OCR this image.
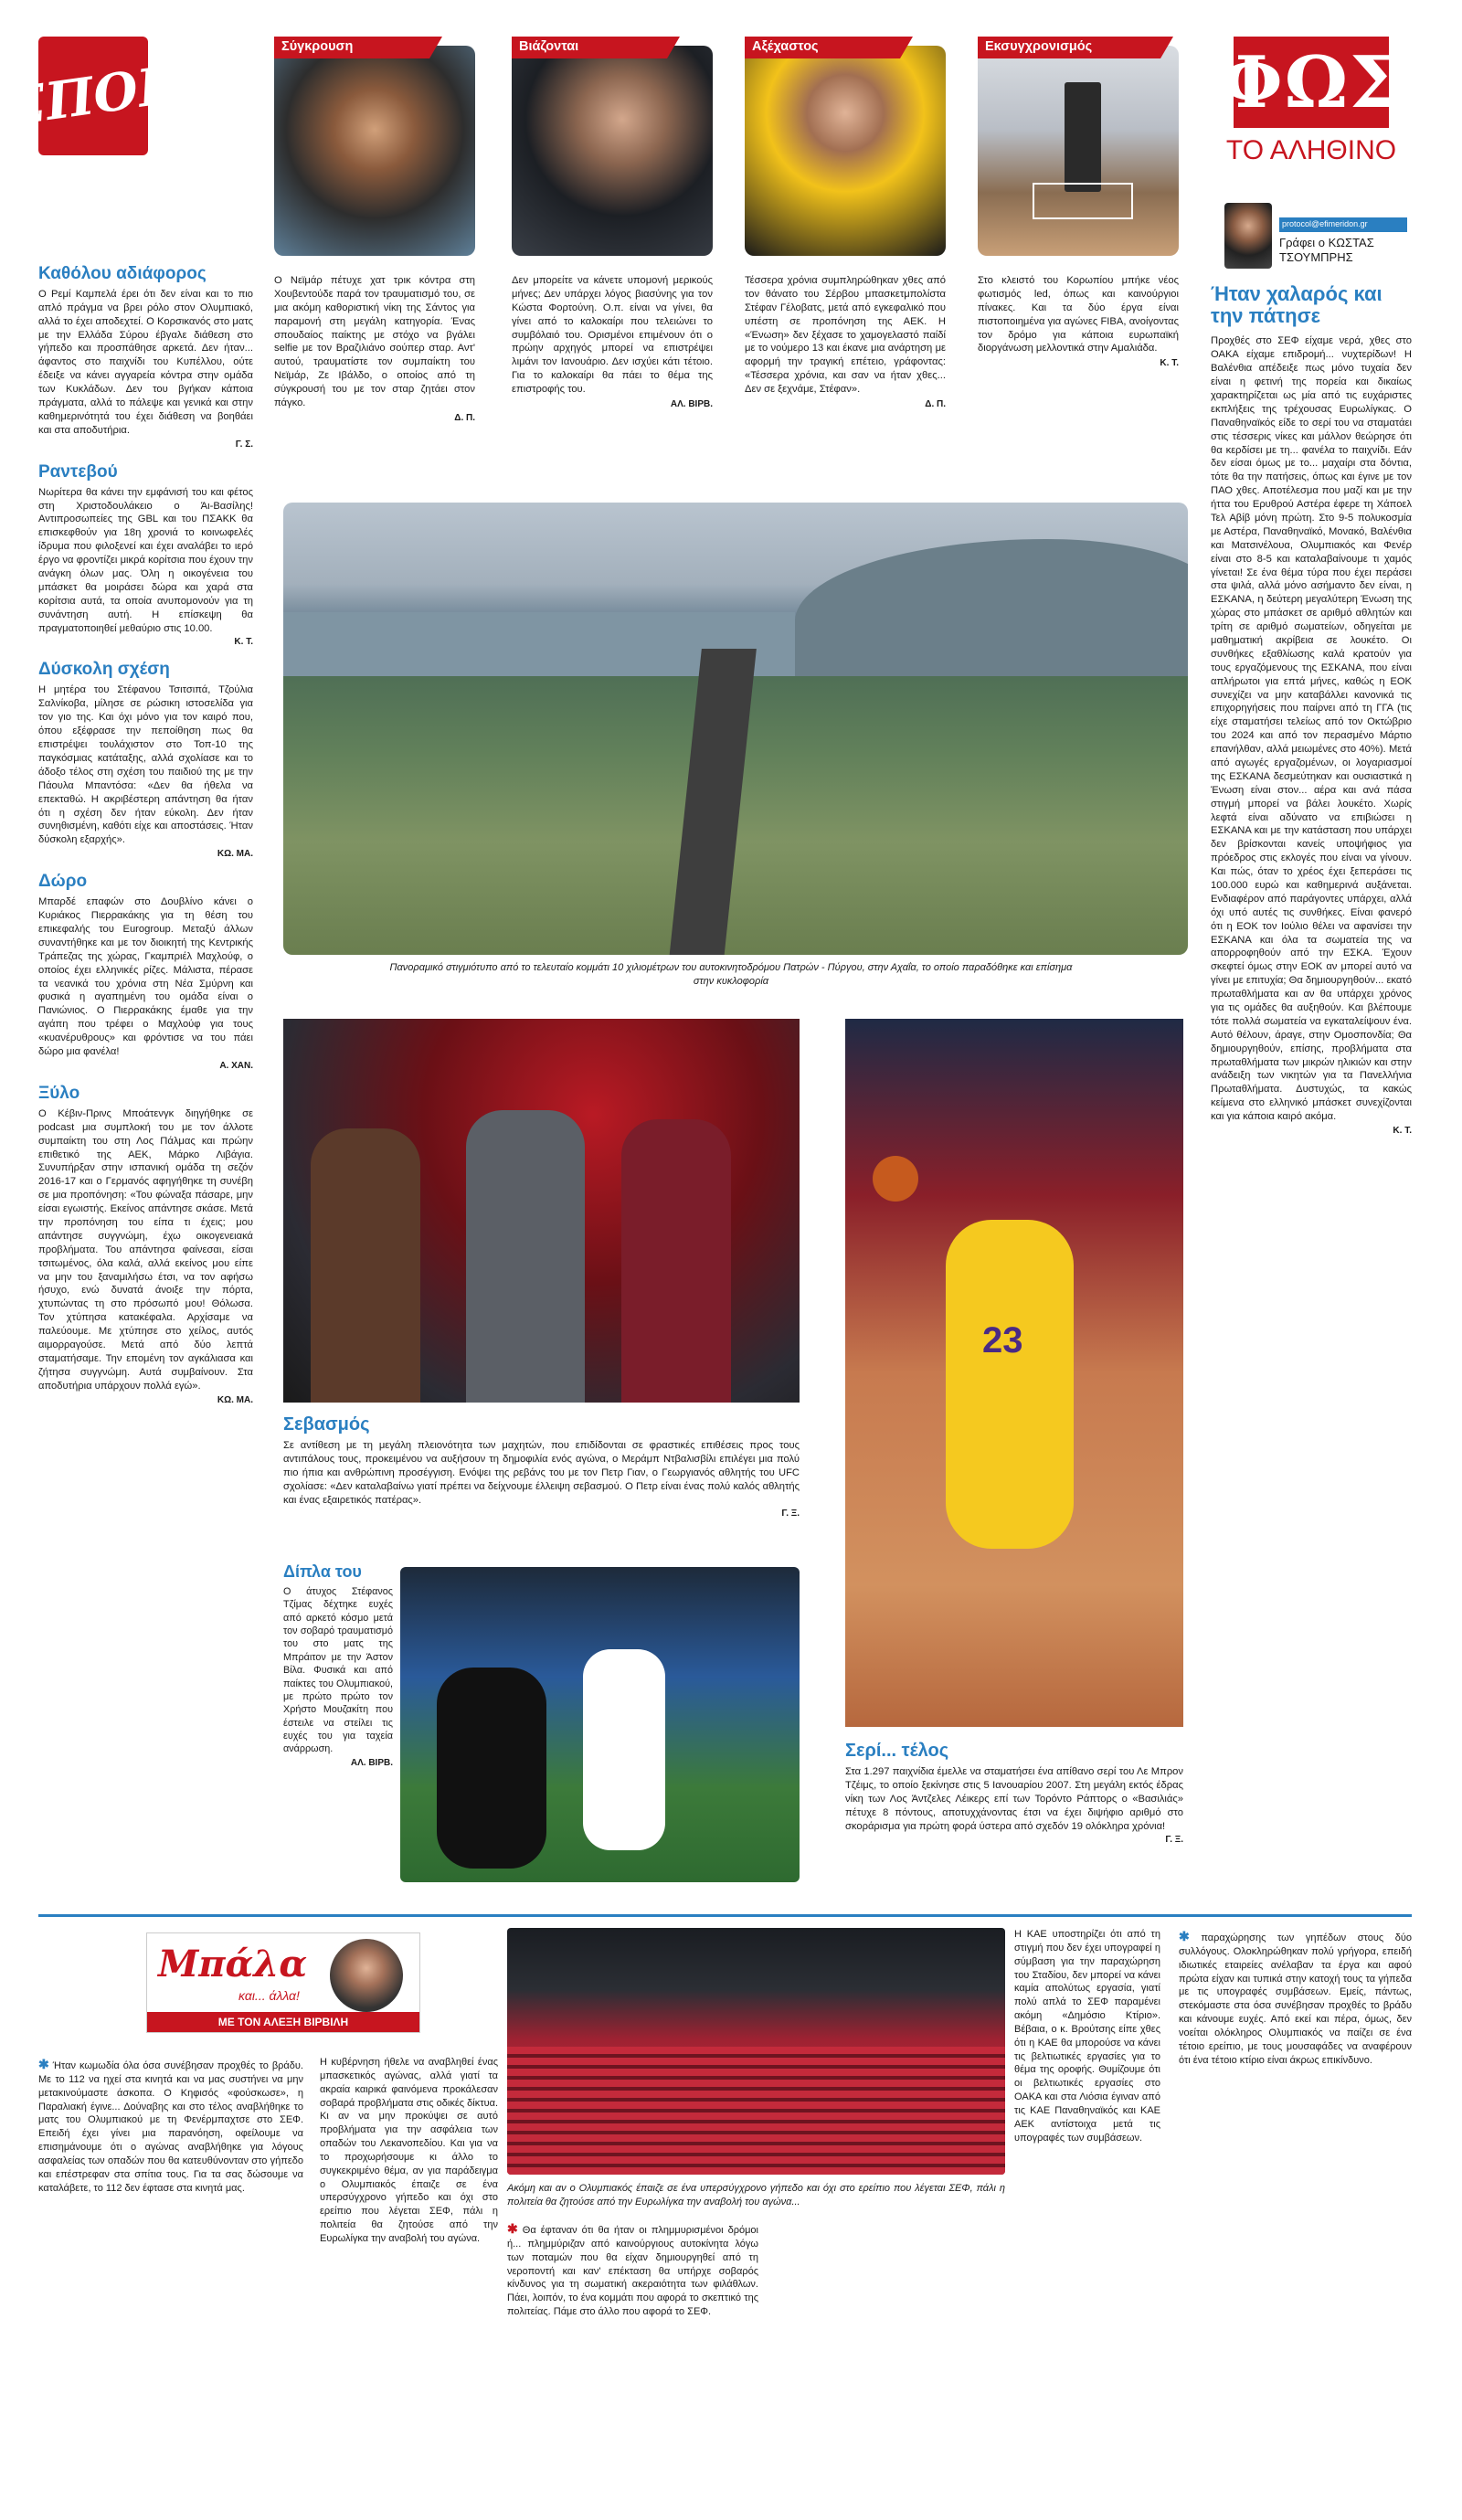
ΣΠΟΡ
Σύγκρουση	Βιάζονται	Αξέχαστος	Εκσυγχρονισμός	ΦΩΣ
ΤΟ ΑΛΗΘΙΝΟ
protocol@efimeridon.gr
Γράφει ο ΚΩΣΤΑΣ ΤΣΟΥΜΠΡΗΣ

Ο Νεϊμάρ πέτυχε χατ τρικ κόντρα στη Χουβεντούδε παρά τον τραυματισμό του, σε μια ακόμη καθοριστική νίκη της Σάντος για παραμονή στη μεγάλη κατηγορία. Ένας σπουδαίος παίκτης με στόχο να βγάλει selfie με τον Βραζιλιάνο σούπερ σταρ. Αντ' αυτού, τραυματίστε τον συμπαίκτη του Νεϊμάρ, Ζε Ιβάλδο, ο οποίος από τη σύγκρουσή του με τον σταρ ζητάει στον πάγκο.

Δ. Π.

Δεν μπορείτε να κάνετε υπομονή μερικούς μήνες; Δεν υπάρχει λόγος βιασύνης για τον Κώστα Φορτούνη. Ο.π. είναι να γίνει, θα γίνει από το καλοκαίρι που τελειώνει το συμβόλαιό του. Ορισμένοι επιμένουν ότι ο πρώην αρχηγός μπορεί να επιστρέψει λιμάνι τον Ιανουάριο. Δεν ισχύει κάτι τέτοιο. Για το καλοκαίρι θα πάει το θέμα της επιστροφής του.

ΑΛ. ΒΙΡΒ.

Τέσσερα χρόνια συμπληρώθηκαν χθες από τον θάνατο του Σέρβου μπασκετμπολίστα Στέφαν Γέλοβατς, μετά από εγκεφαλικό που υπέστη σε προπόνηση της ΑΕΚ. Η «Ένωση» δεν ξέχασε το χαμογελαστό παίδί με το νούμερο 13 και έκανε μια ανάρτηση με αφορμή την τραγική επέτειο, γράφοντας: «Τέσσερα χρόνια, και σαν να ήταν χθες... Δεν σε ξεχνάμε, Στέφαν».

Δ. Π.

Στο κλειστό του Κορωπίου μπήκε νέος φωτισμός led, όπως και καινούργιοι πίνακες. Και τα δύο έργα είναι πιστοποιημένα για αγώνες FIBA, ανοίγοντας τον δρόμο για κάποια ευρωπαϊκή διοργάνωση μελλοντικά στην Αμαλιάδα.

Κ. Τ.

Καθόλου αδιάφορος

Ο Ρεμί Καμπελά έρει ότι δεν είναι και το πιο απλό πράγμα να βρει ρόλο στον Ολυμπιακό, αλλά το έχει αποδεχτεί. Ο Κορσικανός στο ματς με την Ελλάδα Σύρου έβγαλε διάθεση στο γήπεδο και προσπάθησε αρκετά. Δεν ήταν... άφαντος στο παιχνίδι του Κυπέλλου, ούτε έδειξε να κάνει αγγαρεία κόντρα στην ομάδα των Κυκλάδων. Δεν του βγήκαν κάποια πράγματα, αλλά το πάλεψε και γενικά και στην καθημερινότητά του έχει διάθεση να βοηθάει και στα αποδυτήρια.

Γ. Σ.

Ραντεβού

Νωρίτερα θα κάνει την εμφάνισή του και φέτος στη Χριστοδουλάκειο ο Άι-Βασίλης! Αντιπροσωπείες της GBL και του ΠΣΑΚΚ θα επισκεφθούν για 18η χρονιά το κοινωφελές ίδρυμα που φιλοξενεί και έχει αναλάβει το ιερό έργο να φροντίζει μικρά κορίτσια που έχουν την ανάγκη όλων μας. Όλη η οικογένεια του μπάσκετ θα μοιράσει δώρα και χαρά στα κορίτσια αυτά, τα οποία ανυπομονούν για τη συνάντηση αυτή. Η επίσκεψη θα πραγματοποιηθεί μεθαύριο στις 10.00.

Κ. Τ.

Δύσκολη σχέση

Η μητέρα του Στέφανου Τσιτσιπά, Τζούλια Σαλνίκοβα, μίλησε σε ρώσικη ιστοσελίδα για τον γιο της. Και όχι μόνο για τον καιρό που, όπου εξέφρασε την πεποίθηση πως θα επιστρέψει τουλάχιστον στο Τοπ-10 της παγκόσμιας κατάταξης, αλλά σχολίασε και το άδοξο τέλος στη σχέση του παιδιού της με την Πάουλα Μπαντόσα: «Δεν θα ήθελα να επεκταθώ. Η ακριβέστερη απάντηση θα ήταν ότι η σχέση δεν ήταν εύκολη. Δεν ήταν συνηθισμένη, καθότι είχε και αποστάσεις. Ήταν δύσκολη εξαρχής».

ΚΩ. ΜΑ.

Δώρο

Μπαρδέ επαφών στο Δουβλίνο κάνει ο Κυριάκος Πιερρακάκης για τη θέση του επικεφαλής του Eurogroup. Μεταξύ άλλων συναντήθηκε και με τον διοικητή της Κεντρικής Τράπεζας της χώρας, Γκαμπριέλ Μαχλούφ, ο οποίος έχει ελληνικές ρίζες. Μάλιστα, πέρασε τα νεανικά του χρόνια στη Νέα Σμύρνη και φυσικά η αγαπημένη του ομάδα είναι ο Πανιώνιος. Ο Πιερρακάκης έμαθε για την αγάπη που τρέφει ο Μαχλούφ για τους «κυανέρυθρους» και φρόντισε να του πάει δώρο μια φανέλα!

Α. ΧΑΝ.

Ξύλο

Ο Κέβιν-Πρινς Μποάτενγκ διηγήθηκε σε podcast μια συμπλοκή του με τον άλλοτε συμπαίκτη του στη Λος Πάλμας και πρώην επιθετικό της ΑΕΚ, Μάρκο Λιβάγια. Συνυπήρξαν στην ισπανική ομάδα τη σεζόν 2016-17 και ο Γερμανός αφηγήθηκε τη συνέβη σε μια προπόνηση: «Του φώναξα πάσαρε, μην είσαι εγωιστής. Εκείνος απάντησε σκάσε. Μετά την προπόνηση του είπα τι έχεις; μου απάντησε συγγνώμη, έχω οικογενειακά προβλήματα. Του απάντησα φαίνεσαι, είσαι τσιτωμένος, όλα καλά, αλλά εκείνος μου είπε να μην του ξαναμιλήσω έτσι, να τον αφήσω ήσυχο, ενώ δυνατά άνοιξε την πόρτα, χτυπώντας τη στο πρόσωπό μου! Θόλωσα. Τον χτύπησα κατακέφαλα. Αρχίσαμε να παλεύουμε. Με χτύπησε στο χείλος, αυτός αιμορραγούσε. Μετά από δύο λεπτά σταματήσαμε. Την επομένη τον αγκάλιασα και ζήτησα συγγνώμη. Αυτά συμβαίνουν. Στα αποδυτήρια υπάρχουν πολλά εγώ».

ΚΩ. ΜΑ.

Πανοραμικό στιγμιότυπο από το τελευταίο κομμάτι 10 χιλιομέτρων του αυτοκινητοδρόμου Πατρών - Πύργου, στην Αχαΐα, το οποίο παραδόθηκε και επίσημα στην κυκλοφορία
Σεβασμός

Σε αντίθεση με τη μεγάλη πλειονότητα των μαχητών, που επιδίδονται σε φραστικές επιθέσεις προς τους αντιπάλους τους, προκειμένου να αυξήσουν τη δημοφιλία ενός αγώνα, ο Μεράμπ Ντβαλισβίλι επιλέγει μια πολύ πιο ήπια και ανθρώπινη προσέγγιση. Ενόψει της ρεβάνς του με τον Πετρ Γιαν, ο Γεωργιανός αθλητής του UFC σχολίασε: «Δεν καταλαβαίνω γιατί πρέπει να δείχνουμε έλλειψη σεβασμού. Ο Πετρ είναι ένας πολύ καλός αθλητής και ένας εξαιρετικός πατέρας».

Γ. Ξ.

23
Δίπλα του

Ο άτυχος Στέφανος Τζίμας δέχτηκε ευχές από αρκετό κόσμο μετά τον σοβαρό τραυματισμό του στο ματς της Μπράιτον με την Άστον Βίλα. Φυσικά και από παίκτες του Ολυμπιακού, με πρώτο πρώτο τον Χρήστο Μουζακίτη που έστειλε να στείλει τις ευχές του για ταχεία ανάρρωση.

ΑΛ. ΒΙΡΒ.

Σερί... τέλος

Στα 1.297 παιχνίδια έμελλε να σταματήσει ένα απίθανο σερί του Λε Μπρον Τζέιμς, το οποίο ξεκίνησε στις 5 Ιανουαρίου 2007. Στη μεγάλη εκτός έδρας νίκη των Λος Άντζελες Λέικερς επί των Τορόντο Ράπτορς ο «Βασιλιάς» πέτυχε 8 πόντους, αποτυχχάνοντας έτσι να έχει διψήφιο αριθμό στο σκοράρισμα για πρώτη φορά ύστερα από σχεδόν 19 ολόκληρα χρόνια!

Γ. Ξ.

Ήταν χαλαρός και την πάτησε

Προχθές στο ΣΕΦ είχαμε νερά, χθες στο ΟΑΚΑ είχαμε επιδρομή... νυχτερίδων! Η Βαλένθια απέδειξε πως μόνο τυχαία δεν είναι η φετινή της πορεία και δικαίως χαρακτηρίζεται ως μία από τις ευχάριστες εκπλήξεις της τρέχουσας Ευρωλίγκας. Ο Παναθηναϊκός είδε το σερί του να σταματάει στις τέσσερις νίκες και μάλλον θεώρησε ότι θα κερδίσει με τη... φανέλα το παιχνίδι. Εάν δεν είσαι όμως με το... μαχαίρι στα δόντια, τότε θα την πατήσεις, όπως και έγινε με τον ΠΑΟ χθες. Αποτέλεσμα που μαζί και με την ήττα του Ερυθρού Αστέρα έφερε τη Χάποελ Τελ Αβίβ μόνη πρώτη. Στο 9-5 πολυκοσμία με Αστέρα, Παναθηναϊκό, Μονακό, Βαλένθια και Ματσινέλουα, Ολυμπιακός και Φενέρ είναι στο 8-5 και καταλαβαίνουμε τι χαμός γίνεται! Σε ένα θέμα τύρα που έχει περάσει στα ψιλά, αλλά μόνο ασήμαντο δεν είναι, η ΕΣΚΑΝΑ, η δεύτερη μεγαλύτερη Ένωση της χώρας στο μπάσκετ σε αριθμό αθλητών και τρίτη σε αριθμό σωματείων, οδηγείται με μαθηματική ακρίβεια σε λουκέτο. Οι συνθήκες εξαθλίωσης καλά κρατούν για τους εργαζόμενους της ΕΣΚΑΝΑ, που είναι απλήρωτοι για επτά μήνες, καθώς η ΕΟΚ συνεχίζει να μην καταβάλλει κανονικά τις επιχορηγήσεις που παίρνει από τη ΓΓΑ (τις είχε σταματήσει τελείως από τον Οκτώβριο του 2024 και από τον περασμένο Μάρτιο επανήλθαν, αλλά μειωμένες στο 40%). Μετά από αγωγές εργαζομένων, οι λογαριασμοί της ΕΣΚΑΝΑ δεσμεύτηκαν και ουσιαστικά η Ένωση είναι στον... αέρα και ανά πάσα στιγμή μπορεί να βάλει λουκέτο. Χωρίς λεφτά είναι αδύνατο να επιβιώσει η ΕΣΚΑΝΑ και με την κατάσταση που υπάρχει δεν βρίσκονται κανείς υποψήφιος για πρόεδρος στις εκλογές που είναι να γίνουν. Και πώς, όταν το χρέος έχει ξεπεράσει τις 100.000 ευρώ και καθημερινά αυξάνεται. Ενδιαφέρον από παράγοντες υπάρχει, αλλά όχι υπό αυτές τις συνθήκες. Είναι φανερό ότι η ΕΟΚ τον Ιούλιο θέλει να αφανίσει την ΕΣΚΑΝΑ και όλα τα σωματεία της να απορροφηθούν από την ΕΣΚΑ. Έχουν σκεφτεί όμως στην ΕΟΚ αν μπορεί αυτό να γίνει με επιτυχία; Θα δημιουργηθούν... εκατό πρωταθλήματα και αν θα υπάρχει χρόνος για τις ομάδες θα αυξηθούν. Και βλέπουμε τότε πολλά σωματεία να εγκαταλείψουν ένα. Αυτό θέλουν, άραγε, στην Ομοσπονδία; Θα δημιουργηθούν, επίσης, προβλήματα στα πρωταθλήματα των μικρών ηλικιών και στην ανάδειξη των νικητών για τα Πανελλήνια Πρωταθλήματα. Δυστυχώς, τα κακώς κείμενα στο ελληνικό μπάσκετ συνεχίζονται και για κάποια καιρό ακόμα.

Κ. Τ.

Μπάλα
και... άλλα!
ΜΕ ΤΟΝ ΑΛΕΞΗ ΒΙΡΒΙΛΗ
Ακόμη και αν ο Ολυμπιακός έπαιζε σε ένα υπερσύγχρονο γήπεδο και όχι στο ερείπιο που λέγεται ΣΕΦ, πάλι η πολιτεία θα ζητούσε από την Ευρωλίγκα την αναβολή του αγώνα...
✱ Ήταν κωμωδία όλα όσα συνέβησαν προχθές το βράδυ. Με το 112 να ηχεί στα κινητά και να μας συστήνει να μην μετακινούμαστε άσκοπα. Ο Κηφισός «φούσκωσε», η Παραλιακή έγινε... Δούναβης και στο τέλος αναβλήθηκε το ματς του Ολυμπιακού με τη Φενέρμπαχτσε στο ΣΕΦ. Επειδή έχει γίνει μια παρανόηση, οφείλουμε να επισημάνουμε ότι ο αγώνας αναβλήθηκε για λόγους ασφαλείας των οπαδών που θα κατευθύνονταν στο γήπεδο και επέστρεφαν στα σπίτια τους. Για τα σας δώσουμε να καταλάβετε, το 112 δεν έφτασε στα κινητά μας.
Η κυβέρνηση ήθελε να αναβληθεί ένας μπασκετικός αγώνας, αλλά γιατί τα ακραία καιρικά φαινόμενα προκάλεσαν σοβαρά προβλήματα στις οδικές δίκτυα. Κι αν να μην προκύψει σε αυτό προβλήματα για την ασφάλεια των οπαδών του Λεκανοπεδίου. Και για να το προχωρήσουμε κι άλλο το συγκεκριμένο θέμα, αν για παράδειγμα ο Ολυμπιακός έπαιζε σε ένα υπερσύγχρονο γήπεδο και όχι στο ερείπιο που λέγεται ΣΕΦ, πάλι η πολιτεία θα ζητούσε από την Ευρωλίγκα την αναβολή του αγώνα.
✱ Θα έφταναν ότι θα ήταν οι πλημμυρισμένοι δρόμοι ή... πλημμύριζαν από καινούργιους αυτοκίνητα λόγω των ποταμών που θα είχαν δημιουργηθεί από τη νεροποντή και καν' επέκταση θα υπήρχε σοβαρός κίνδυνος για τη σωματική ακεραιότητα των φιλάθλων. Πάει, λοιπόν, το ένα κομμάτι που αφορά το σκεπτικό της πολιτείας. Πάμε στο άλλο που αφορά το ΣΕΦ.
Η ΚΑΕ υποστηρίζει ότι από τη στιγμή που δεν έχει υπογραφεί η σύμβαση για την παραχώρηση του Σταδίου, δεν μπορεί να κάνει καμία απολύτως εργασία, γιατί πολύ απλά το ΣΕΦ παραμένει ακόμη «Δημόσιο Κτίριο». Βέβαια, ο κ. Βρούτσης είπε χθες ότι η ΚΑΕ θα μπορούσε να κάνει τις βελτιωτικές εργασίες για το θέμα της οροφής. Θυμίζουμε ότι οι βελτιωτικές εργασίες στο ΟΑΚΑ και στα Λιόσια έγιναν από τις ΚΑΕ Παναθηναϊκός και ΚΑΕ ΑΕΚ αντίστοιχα μετά τις υπογραφές των συμβάσεων.
✱ παραχώρησης των γηπέδων στους δύο συλλόγους. Ολοκληρώθηκαν πολύ γρήγορα, επειδή ιδιωτικές εταιρείες ανέλαβαν τα έργα και αφού πρώτα είχαν και τυπικά στην κατοχή τους τα γήπεδα με τις υπογραφές συμβάσεων. Εμείς, πάντως, στεκόμαστε στα όσα συνέβησαν προχθές το βράδυ και κάνουμε ευχές. Από εκεί και πέρα, όμως, δεν νοείται ολόκληρος Ολυμπιακός να παίζει σε ένα τέτοιο ερείπιο, με τους μουσαφάδες να αναφέρουν ότι ένα τέτοιο κτίριο είναι άκρως επικίνδυνο.
